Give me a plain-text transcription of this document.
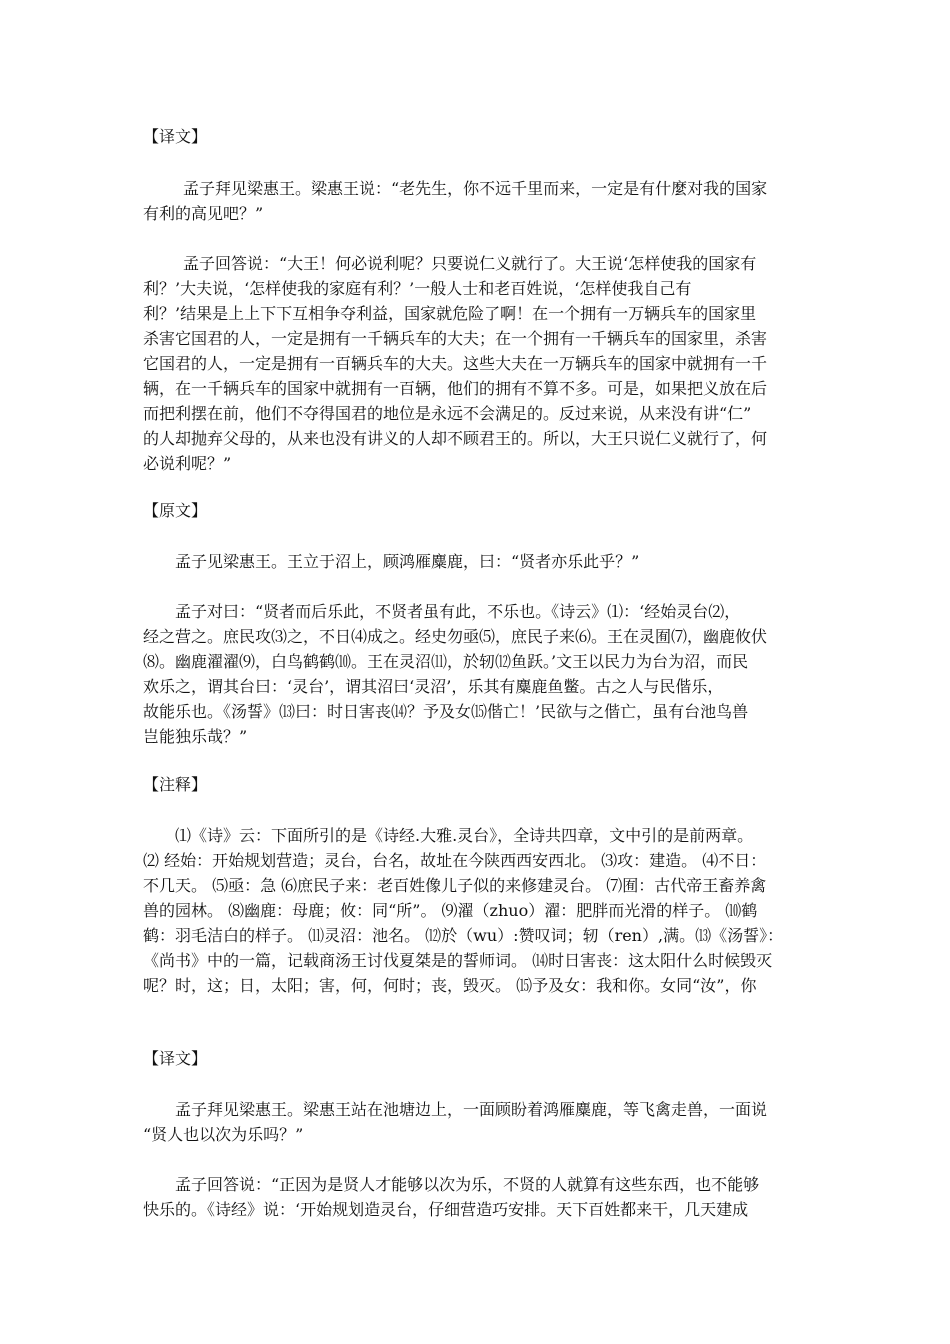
【译文】
孟子拜见梁惠王。梁惠王说：“老先生，你不远千里而来，一定是有什麼对我的国家
有利的高见吧？”
孟子回答说：“大王！何必说利呢？只要说仁义就行了。大王说‘怎样使我的国家有
利？’大夫说，‘怎样使我的家庭有利？’一般人士和老百姓说，‘怎样使我自己有
利？’结果是上上下下互相争夺利益，国家就危险了啊！在一个拥有一万辆兵车的国家里
杀害它国君的人，一定是拥有一千辆兵车的大夫；在一个拥有一千辆兵车的国家里，杀害
它国君的人，一定是拥有一百辆兵车的大夫。这些大夫在一万辆兵车的国家中就拥有一千
辆，在一千辆兵车的国家中就拥有一百辆，他们的拥有不算不多。可是，如果把义放在后
而把利摆在前，他们不夺得国君的地位是永远不会满足的。反过来说，从来没有讲“仁”
的人却抛弃父母的，从来也没有讲义的人却不顾君王的。所以，大王只说仁义就行了，何
必说利呢？”
【原文】
孟子见梁惠王。王立于沼上，顾鸿雁麋鹿，曰：“贤者亦乐此乎？”
孟子对曰：“贤者而后乐此，不贤者虽有此，不乐也。《诗云》⑴：‘经始灵台⑵，
经之营之。庶民攻⑶之，不日⑷成之。经史勿亟⑸，庶民子来⑹。王在灵囿⑺，幽鹿攸伏
⑻。幽鹿濯濯⑼，白鸟鹤鹤⑽。王在灵沼⑾，於轫⑿鱼跃。’文王以民力为台为沼，而民
欢乐之，谓其台曰：‘灵台’，谓其沼曰‘灵沼’，乐其有麋鹿鱼鳖。古之人与民偕乐，
故能乐也。《汤誓》⒀曰：时日害丧⒁？予及女⒂偕亡！’民欲与之偕亡，虽有台池鸟兽
岂能独乐哉？”
【注释】
⑴《诗》云：下面所引的是《诗经.大雅.灵台》，全诗共四章，文中引的是前两章。
⑵ 经始：开始规划营造；灵台，台名，故址在今陕西西安西北。 ⑶攻：建造。 ⑷不日：
不几天。 ⑸亟：急 ⑹庶民子来：老百姓像儿子似的来修建灵台。 ⑺囿：古代帝王畜养禽
兽的园林。 ⑻幽鹿：母鹿；攸：同“所”。 ⑼濯（zhuo）濯：肥胖而光滑的样子。 ⑽鹤
鹤：羽毛洁白的样子。 ⑾灵沼：池名。 ⑿於（wu）:赞叹词；轫（ren）,满。⒀《汤誓》：
《尚书》中的一篇，记载商汤王讨伐夏桀是的誓师词。 ⒁时日害丧：这太阳什么时候毁灭
呢？时，这；日，太阳；害，何，何时；丧，毁灭。 ⒂予及女：我和你。女同“汝”，你
【译文】
孟子拜见梁惠王。梁惠王站在池塘边上，一面顾盼着鸿雁麋鹿，等飞禽走兽，一面说
“贤人也以次为乐吗？”
孟子回答说：“正因为是贤人才能够以次为乐，不贤的人就算有这些东西，也不能够
快乐的。《诗经》说：‘开始规划造灵台，仔细营造巧安排。天下百姓都来干，几天建成
